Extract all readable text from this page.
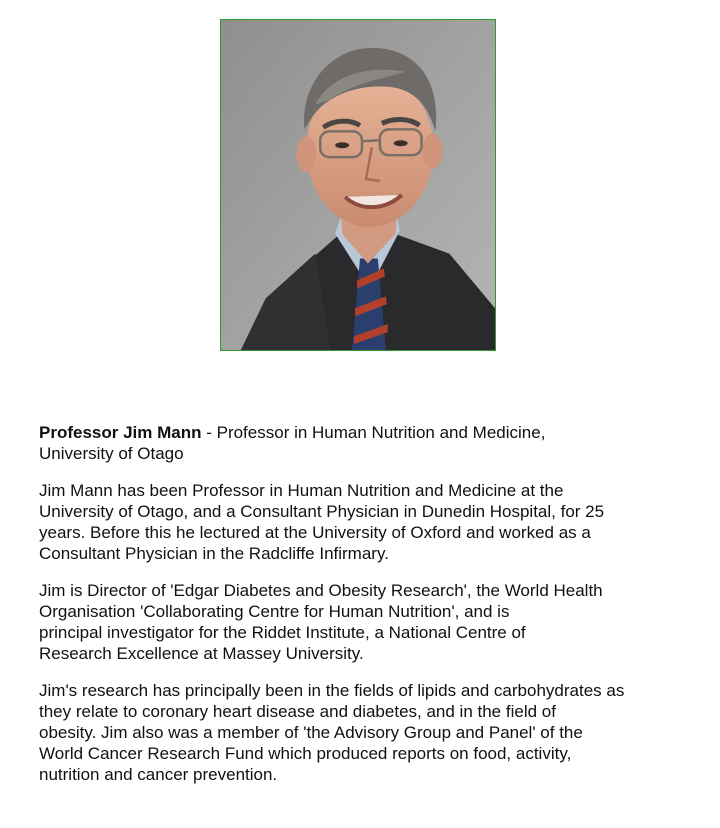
Professor Jim Mann - Professor in Human Nutrition and Medicine,
University of Otago

Jim Mann has been Professor in Human Nutrition and Medicine at the
University of Otago, and a Consultant Physician in Dunedin Hospital, for 25
years. Before this he lectured at the University of Oxford and worked as a
Consultant Physician in the Radcliffe Infirmary.

Jim is Director of 'Edgar Diabetes and Obesity Research', the World Health
Organisation 'Collaborating Centre for Human Nutrition', and is
principal investigator for the Riddet Institute, a National Centre of
Research Excellence at Massey University.

Jim's research has principally been in the fields of lipids and carbohydrates as
they relate to coronary heart disease and diabetes, and in the field of
obesity. Jim also was a member of 'the Advisory Group and Panel' of the
World Cancer Research Fund which produced reports on food, activity,
nutrition and cancer prevention.
